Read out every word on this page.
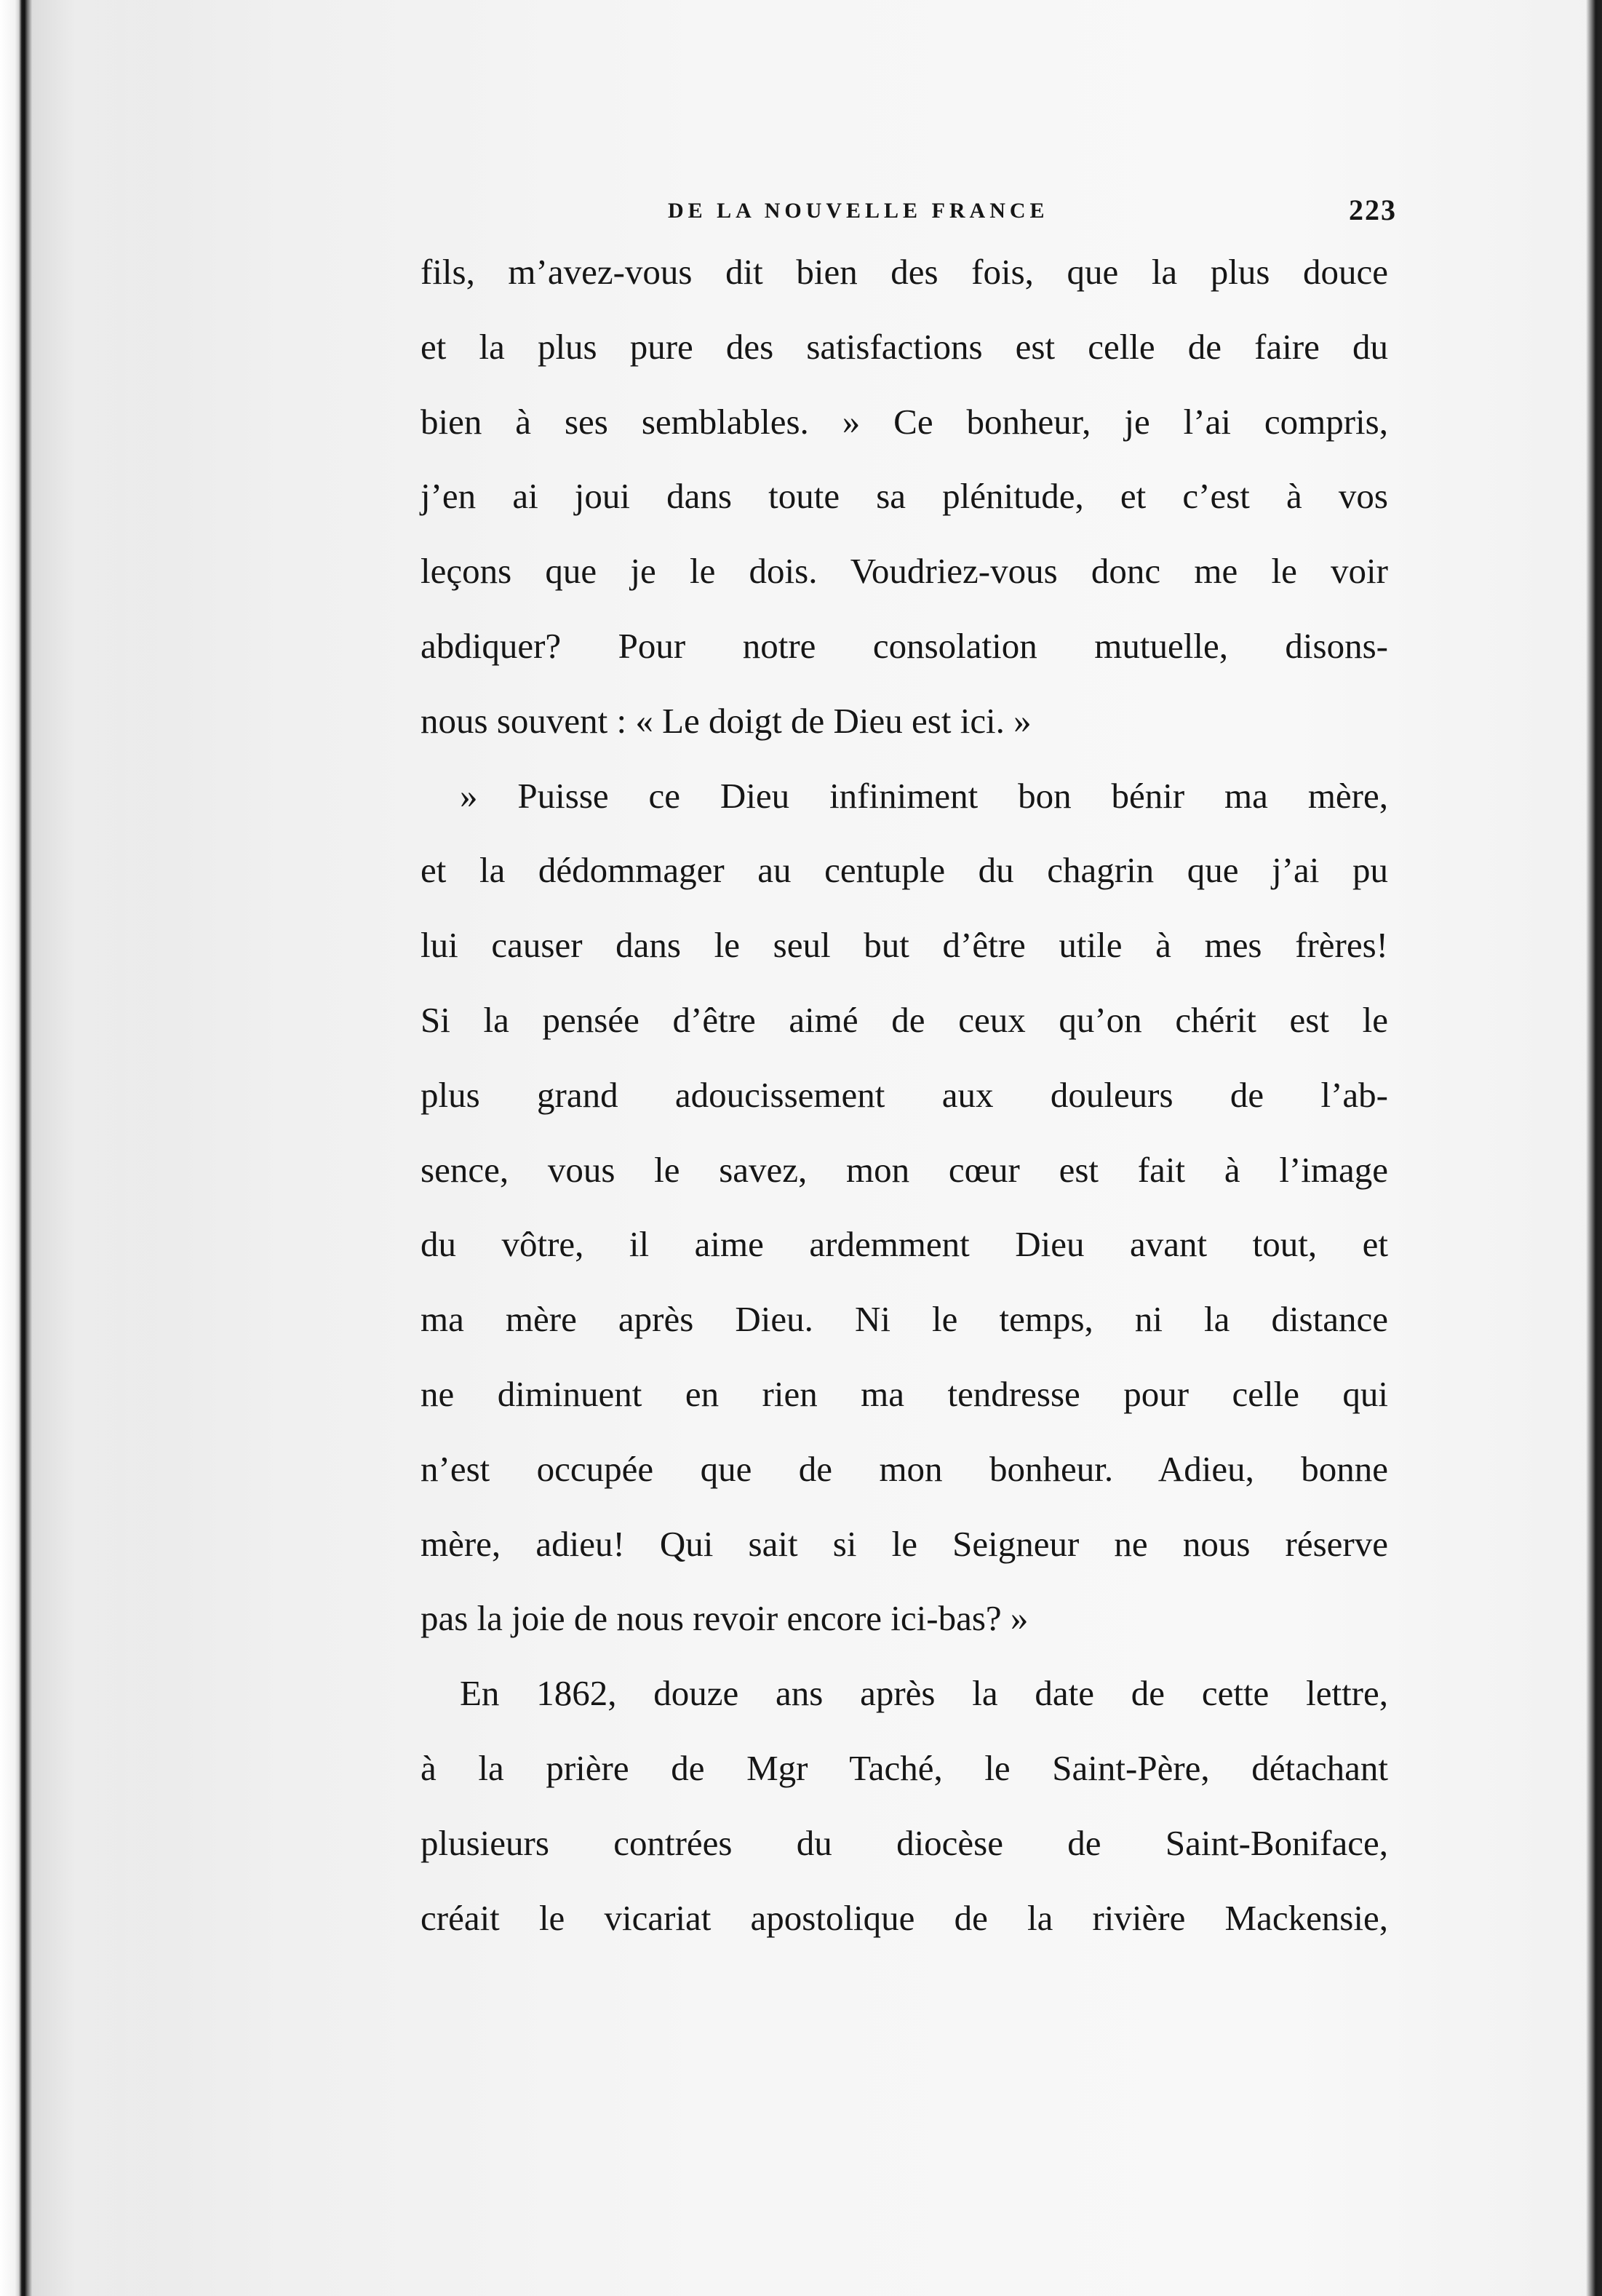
DE LA NOUVELLE FRANCE	223
fils, m’avez-vous dit bien des fois, que la plus douce
et la plus pure des satisfactions est celle de faire du
bien à ses semblables. » Ce bonheur, je l’ai compris,
j’en ai joui dans toute sa plénitude, et c’est à vos
leçons que je le dois. Voudriez-vous donc me le voir
abdiquer? Pour notre consolation mutuelle, disons-
nous souvent : « Le doigt de Dieu est ici. »
» Puisse ce Dieu infiniment bon bénir ma mère,
et la dédommager au centuple du chagrin que j’ai pu
lui causer dans le seul but d’être utile à mes frères!
Si la pensée d’être aimé de ceux qu’on chérit est le
plus grand adoucissement aux douleurs de l’ab-
sence, vous le savez, mon cœur est fait à l’image
du vôtre, il aime ardemment Dieu avant tout, et
ma mère après Dieu. Ni le temps, ni la distance
ne diminuent en rien ma tendresse pour celle qui
n’est occupée que de mon bonheur. Adieu, bonne
mère, adieu! Qui sait si le Seigneur ne nous réserve
pas la joie de nous revoir encore ici-bas? »
En 1862, douze ans après la date de cette lettre,
à la prière de Mgr Taché, le Saint-Père, détachant
plusieurs contrées du diocèse de Saint-Boniface,
créait le vicariat apostolique de la rivière Mackensie,
